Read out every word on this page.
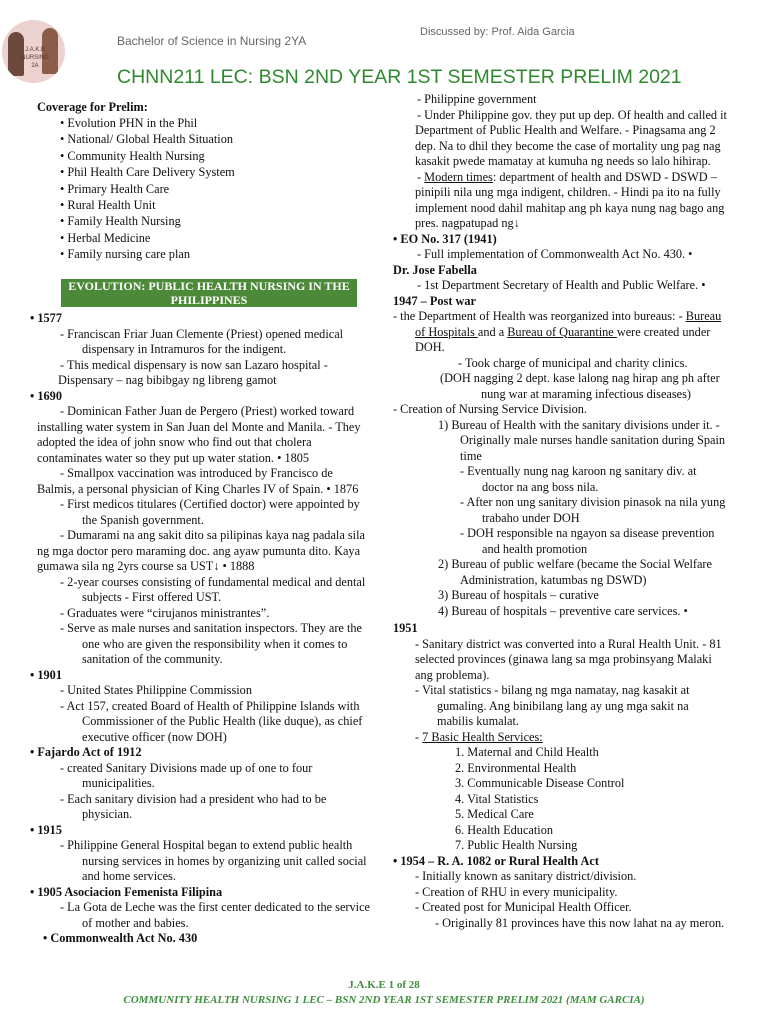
J.A.K.E NURSING 2A
Bachelor of Science in Nursing 2YA
Discussed by: Prof. Aida Garcia
CHNN211 LEC: BSN 2ND YEAR 1ST SEMESTER PRELIM 2021
Coverage for Prelim:
• Evolution PHN in the Phil
• National/ Global Health Situation
• Community Health Nursing
• Phil Health Care Delivery System
• Primary Health Care
• Rural Health Unit
• Family Health Nursing
• Herbal Medicine
• Family nursing care plan
EVOLUTION: PUBLIC HEALTH NURSING IN THE
PHILIPPINES
• 1577
- Franciscan Friar Juan Clemente (Priest) opened medical
dispensary in Intramuros for the indigent.
- This medical dispensary is now san Lazaro hospital -
Dispensary – nag bibibgay ng libreng gamot
• 1690
- Dominican Father Juan de Pergero (Priest) worked toward
installing water system in San Juan del Monte and Manila. - They
adopted the idea of john snow who find out that cholera
contaminates water so they put up water station. • 1805
- Smallpox vaccination was introduced by Francisco de
Balmis, a personal physician of King Charles IV of Spain. • 1876
- First medicos titulares (Certified doctor) were appointed by
the Spanish government.
- Dumarami na ang sakit dito sa pilipinas kaya nag padala sila
ng mga doctor pero maraming doc. ang ayaw pumunta dito. Kaya
gumawa sila ng 2yrs course sa UST↓ • 1888
- 2-year courses consisting of fundamental medical and dental
subjects - First offered UST.
- Graduates were “cirujanos ministrantes”.
- Serve as male nurses and sanitation inspectors. They are the
one who are given the responsibility when it comes to
sanitation of the community.
• 1901
- United States Philippine Commission
- Act 157, created Board of Health of Philippine Islands with
Commissioner of the Public Health (like duque), as chief
executive officer (now DOH)
• Fajardo Act of 1912
- created Sanitary Divisions made up of one to four
municipalities.
- Each sanitary division had a president who had to be
physician.
• 1915
- Philippine General Hospital began to extend public health
nursing services in homes by organizing unit called social
and home services.
• 1905 Asociacion Femenista Filipina
- La Gota de Leche was the first center dedicated to the service
of mother and babies.
• Commonwealth Act No. 430
- Philippine government
- Under Philippine gov. they put up dep. Of health and called it
Department of Public Health and Welfare. - Pinagsama ang 2
dep. Na to dhil they become the case of mortality ung pag nag
kasakit pwede mamatay at kumuha ng needs so lalo hihirap.
- Modern times: department of health and DSWD - DSWD –
pinipili nila ung mga indigent, children. - Hindi pa ito na fully
implement nood dahil mahitap ang ph kaya nung nag bago ang
pres. nagpatupad ng↓
• EO No. 317 (1941)
- Full implementation of Commonwealth Act No. 430. •
Dr. Jose Fabella
- 1st Department Secretary of Health and Public Welfare. •
1947 – Post war
- the Department of Health was reorganized into bureaus: - Bureau
of Hospitals and a Bureau of Quarantine were created under
DOH.
- Took charge of municipal and charity clinics.
(DOH nagging 2 dept. kase lalong nag hirap ang ph after
nung war at maraming infectious diseases)
- Creation of Nursing Service Division.
1) Bureau of Health with the sanitary divisions under it. -
Originally male nurses handle sanitation during Spain
time
- Eventually nung nag karoon ng sanitary div. at
doctor na ang boss nila.
- After non ung sanitary division pinasok na nila yung
trabaho under DOH
- DOH responsible na ngayon sa disease prevention
and health promotion
2) Bureau of public welfare (became the Social Welfare
Administration, katumbas ng DSWD)
3) Bureau of hospitals – curative
4) Bureau of hospitals – preventive care services. •
1951
- Sanitary district was converted into a Rural Health Unit. - 81
selected provinces (ginawa lang sa mga probinsyang Malaki
ang problema).
- Vital statistics - bilang ng mga namatay, nag kasakit at
gumaling. Ang binibilang lang ay ung mga sakit na
mabilis kumalat.
- 7 Basic Health Services:
1. Maternal and Child Health
2. Environmental Health
3. Communicable Disease Control
4. Vital Statistics
5. Medical Care
6. Health Education
7. Public Health Nursing
• 1954 – R. A. 1082 or Rural Health Act
- Initially known as sanitary district/division.
- Creation of RHU in every municipality.
- Created post for Municipal Health Officer.
- Originally 81 provinces have this now lahat na ay meron.
J.A.K.E 1 of 28
COMMUNITY HEALTH NURSING 1 LEC – BSN 2ND YEAR 1ST SEMESTER PRELIM 2021 (MAM GARCIA)
